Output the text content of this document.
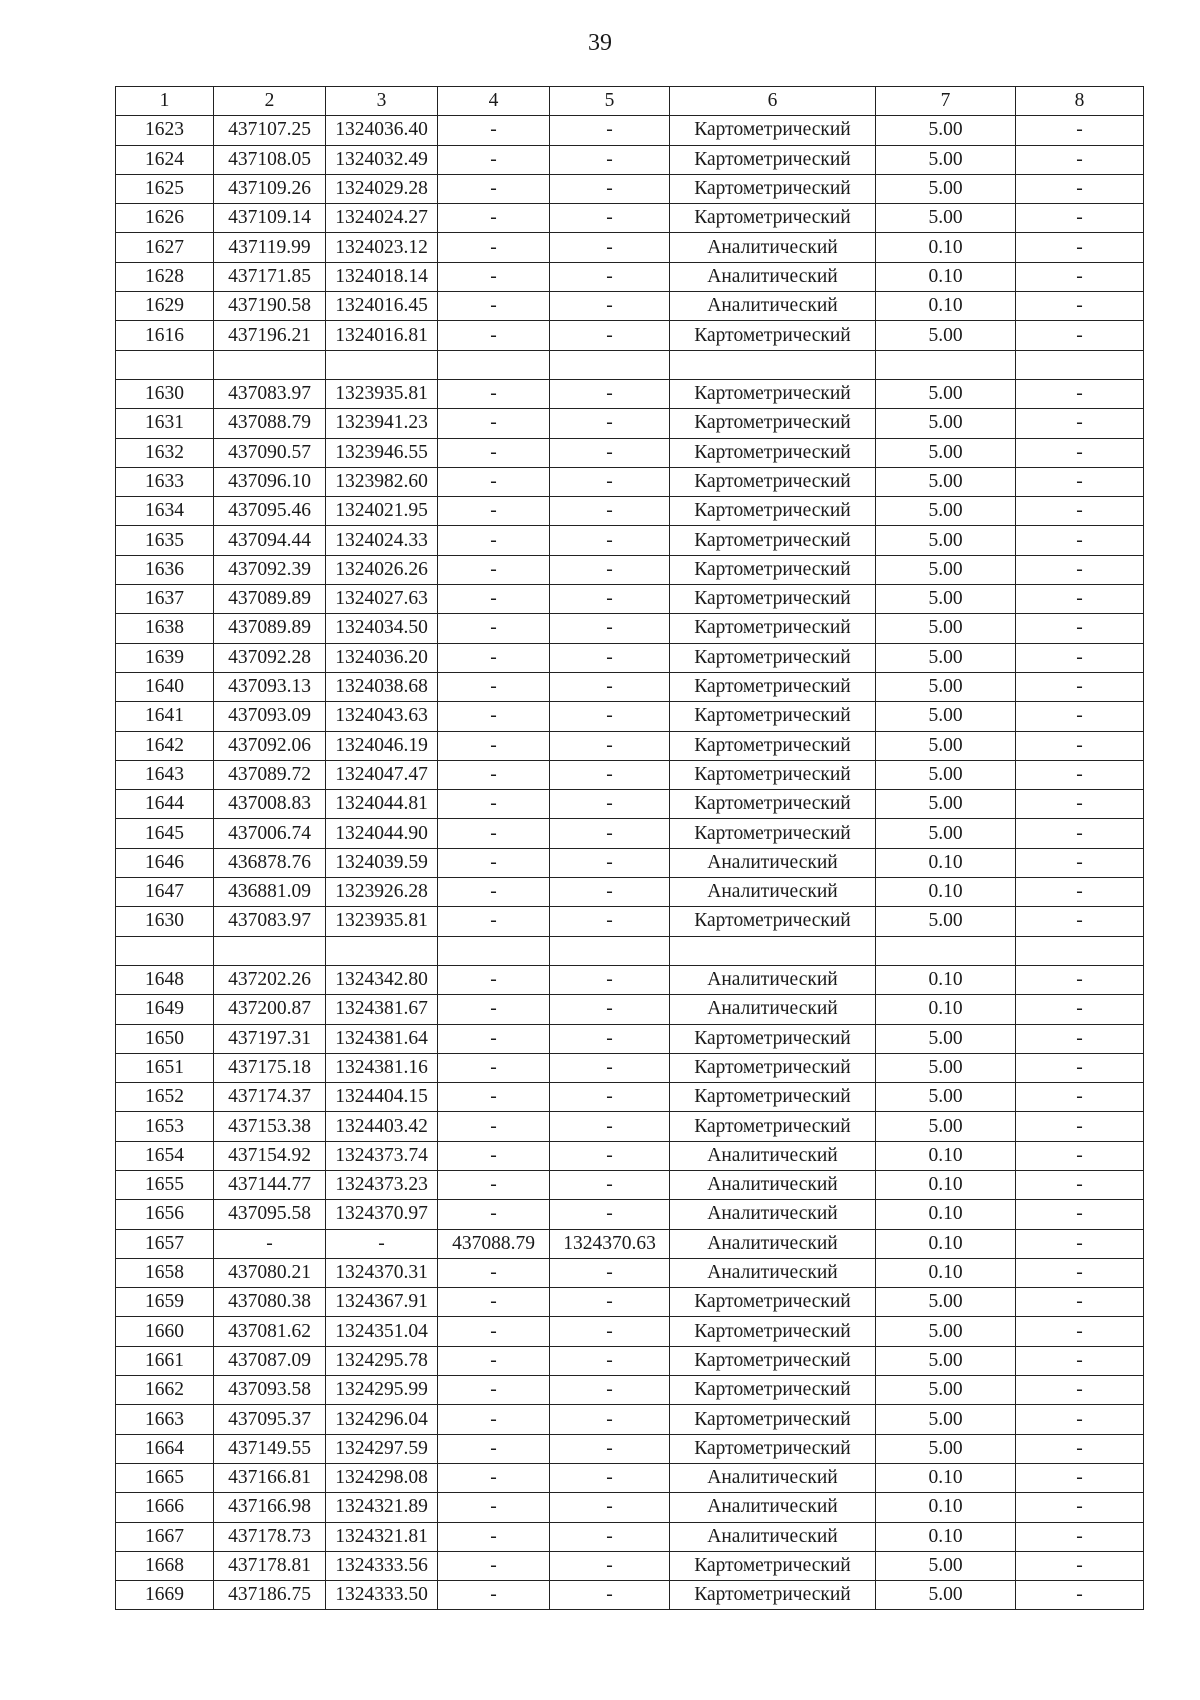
39
1	2	3	4	5	6	7	8
1623	437107.25	1324036.40	-	-	Картометрический	5.00	-
1624	437108.05	1324032.49	-	-	Картометрический	5.00	-
1625	437109.26	1324029.28	-	-	Картометрический	5.00	-
1626	437109.14	1324024.27	-	-	Картометрический	5.00	-
1627	437119.99	1324023.12	-	-	Аналитический	0.10	-
1628	437171.85	1324018.14	-	-	Аналитический	0.10	-
1629	437190.58	1324016.45	-	-	Аналитический	0.10	-
1616	437196.21	1324016.81	-	-	Картометрический	5.00	-

1630	437083.97	1323935.81	-	-	Картометрический	5.00	-
1631	437088.79	1323941.23	-	-	Картометрический	5.00	-
1632	437090.57	1323946.55	-	-	Картометрический	5.00	-
1633	437096.10	1323982.60	-	-	Картометрический	5.00	-
1634	437095.46	1324021.95	-	-	Картометрический	5.00	-
1635	437094.44	1324024.33	-	-	Картометрический	5.00	-
1636	437092.39	1324026.26	-	-	Картометрический	5.00	-
1637	437089.89	1324027.63	-	-	Картометрический	5.00	-
1638	437089.89	1324034.50	-	-	Картометрический	5.00	-
1639	437092.28	1324036.20	-	-	Картометрический	5.00	-
1640	437093.13	1324038.68	-	-	Картометрический	5.00	-
1641	437093.09	1324043.63	-	-	Картометрический	5.00	-
1642	437092.06	1324046.19	-	-	Картометрический	5.00	-
1643	437089.72	1324047.47	-	-	Картометрический	5.00	-
1644	437008.83	1324044.81	-	-	Картометрический	5.00	-
1645	437006.74	1324044.90	-	-	Картометрический	5.00	-
1646	436878.76	1324039.59	-	-	Аналитический	0.10	-
1647	436881.09	1323926.28	-	-	Аналитический	0.10	-
1630	437083.97	1323935.81	-	-	Картометрический	5.00	-

1648	437202.26	1324342.80	-	-	Аналитический	0.10	-
1649	437200.87	1324381.67	-	-	Аналитический	0.10	-
1650	437197.31	1324381.64	-	-	Картометрический	5.00	-
1651	437175.18	1324381.16	-	-	Картометрический	5.00	-
1652	437174.37	1324404.15	-	-	Картометрический	5.00	-
1653	437153.38	1324403.42	-	-	Картометрический	5.00	-
1654	437154.92	1324373.74	-	-	Аналитический	0.10	-
1655	437144.77	1324373.23	-	-	Аналитический	0.10	-
1656	437095.58	1324370.97	-	-	Аналитический	0.10	-
1657	-	-	437088.79	1324370.63	Аналитический	0.10	-
1658	437080.21	1324370.31	-	-	Аналитический	0.10	-
1659	437080.38	1324367.91	-	-	Картометрический	5.00	-
1660	437081.62	1324351.04	-	-	Картометрический	5.00	-
1661	437087.09	1324295.78	-	-	Картометрический	5.00	-
1662	437093.58	1324295.99	-	-	Картометрический	5.00	-
1663	437095.37	1324296.04	-	-	Картометрический	5.00	-
1664	437149.55	1324297.59	-	-	Картометрический	5.00	-
1665	437166.81	1324298.08	-	-	Аналитический	0.10	-
1666	437166.98	1324321.89	-	-	Аналитический	0.10	-
1667	437178.73	1324321.81	-	-	Аналитический	0.10	-
1668	437178.81	1324333.56	-	-	Картометрический	5.00	-
1669	437186.75	1324333.50	-	-	Картометрический	5.00	-
